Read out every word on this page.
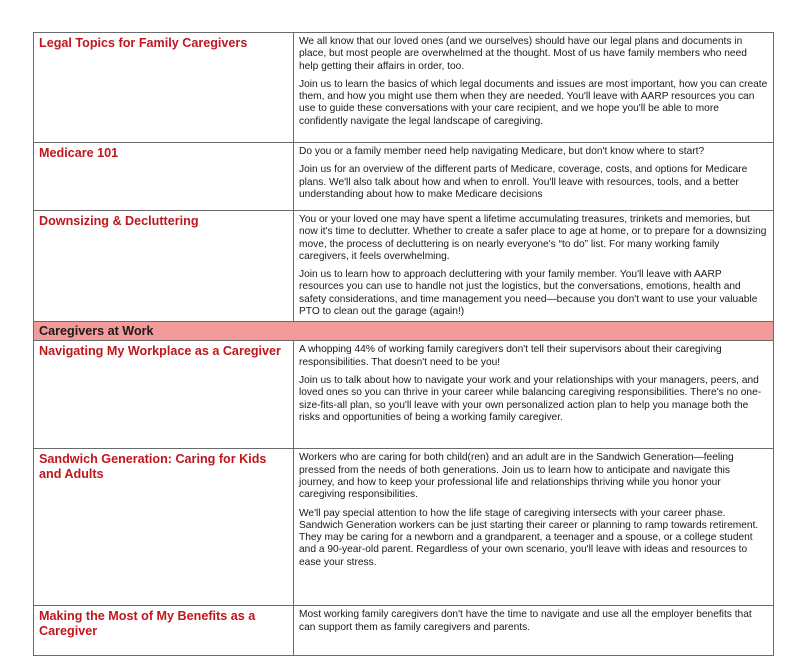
Legal Topics for Family Caregivers	We all know that our loved ones (and we ourselves) should have our legal plans and documents in place, but most people are overwhelmed at the thought. Most of us have family members who need help getting their affairs in order, too.

Join us to learn the basics of which legal documents and issues are most important, how you can create them, and how you might use them when they are needed. You'll leave with AARP resources you can use to guide these conversations with your care recipient, and we hope you'll be able to more confidently navigate the legal landscape of caregiving.

Medicare 101	Do you or a family member need help navigating Medicare, but don't know where to start?

Join us for an overview of the different parts of Medicare, coverage, costs, and options for Medicare plans. We'll also talk about how and when to enroll. You'll leave with resources, tools, and a better understanding about how to make Medicare decisions

Downsizing & Decluttering	You or your loved one may have spent a lifetime accumulating treasures, trinkets and memories, but now it's time to declutter. Whether to create a safer place to age at home, or to prepare for a downsizing move, the process of decluttering is on nearly everyone's “to do” list. For many working family caregivers, it feels overwhelming.

Join us to learn how to approach decluttering with your family member. You'll leave with AARP resources you can use to handle not just the logistics, but the conversations, emotions, health and safety considerations, and time management you need—because you don't want to use your valuable PTO to clean out the garage (again!)

Caregivers at Work	
Navigating My Workplace as a Caregiver	A whopping 44% of working family caregivers don't tell their supervisors about their caregiving responsibilities. That doesn't need to be you!

Join us to talk about how to navigate your work and your relationships with your managers, peers, and loved ones so you can thrive in your career while balancing caregiving responsibilities. There's no one-size-fits-all plan, so you'll leave with your own personalized action plan to help you manage both the risks and opportunities of being a working family caregiver.

Sandwich Generation: Caring for Kids and Adults	Workers who are caring for both child(ren) and an adult are in the Sandwich Generation—feeling pressed from the needs of both generations. Join us to learn how to anticipate and navigate this journey, and how to keep your professional life and relationships thriving while you honor your caregiving responsibilities.

We'll pay special attention to how the life stage of caregiving intersects with your career phase. Sandwich Generation workers can be just starting their career or planning to ramp towards retirement. They may be caring for a newborn and a grandparent, a teenager and a spouse, or a college student and a 90-year-old parent. Regardless of your own scenario, you'll leave with ideas and resources to ease your stress.

Making the Most of My Benefits as a Caregiver	Most working family caregivers don't have the time to navigate and use all the employer benefits that can support them as family caregivers and parents.
